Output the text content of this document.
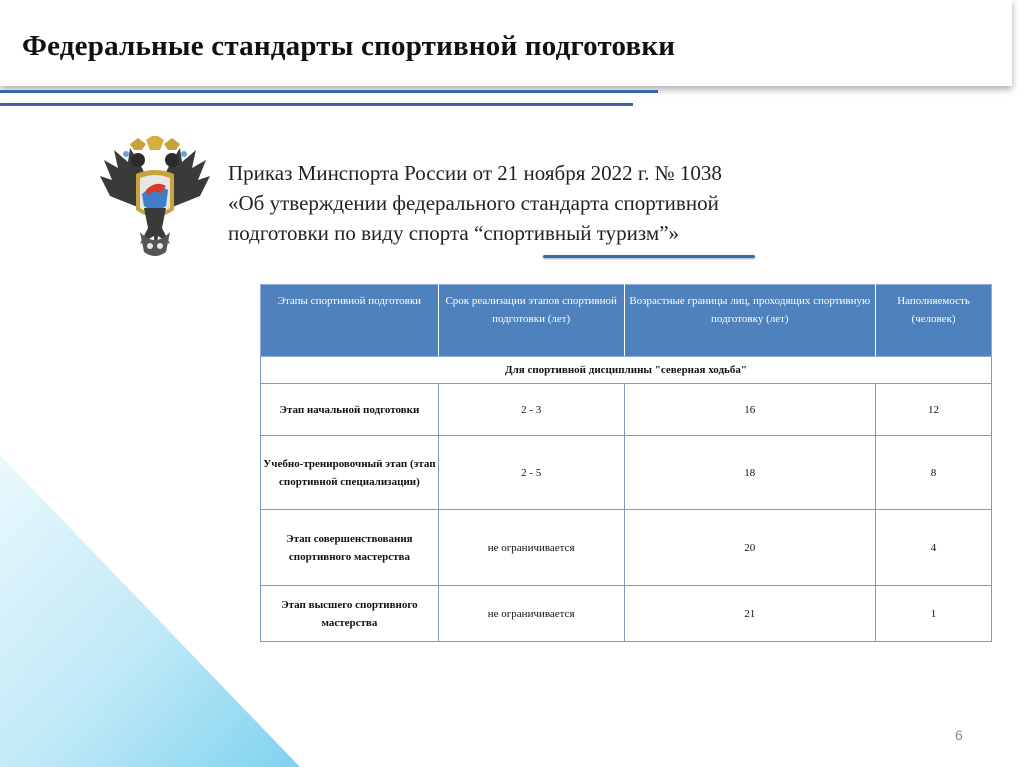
Федеральные стандарты спортивной подготовки
Приказ Минспорта России от 21 ноября 2022 г. № 1038
«Об утверждении федерального стандарта спортивной
подготовки по виду спорта “спортивный туризм”»
Этапы спортивной подготовки	Срок реализации этапов спортивной подготовки (лет)	Возрастные границы лиц, проходящих спортивную подготовку (лет)	Наполняемость (человек)
Для спортивной дисциплины "северная ходьба"			
Этап начальной подготовки	2 - 3	16	12
Учебно-тренировочный этап (этап спортивной специализации)	2 - 5	18	8
Этап совершенствования спортивного мастерства	не ограничивается	20	4
Этап высшего спортивного мастерства	не ограничивается	21	1
6
